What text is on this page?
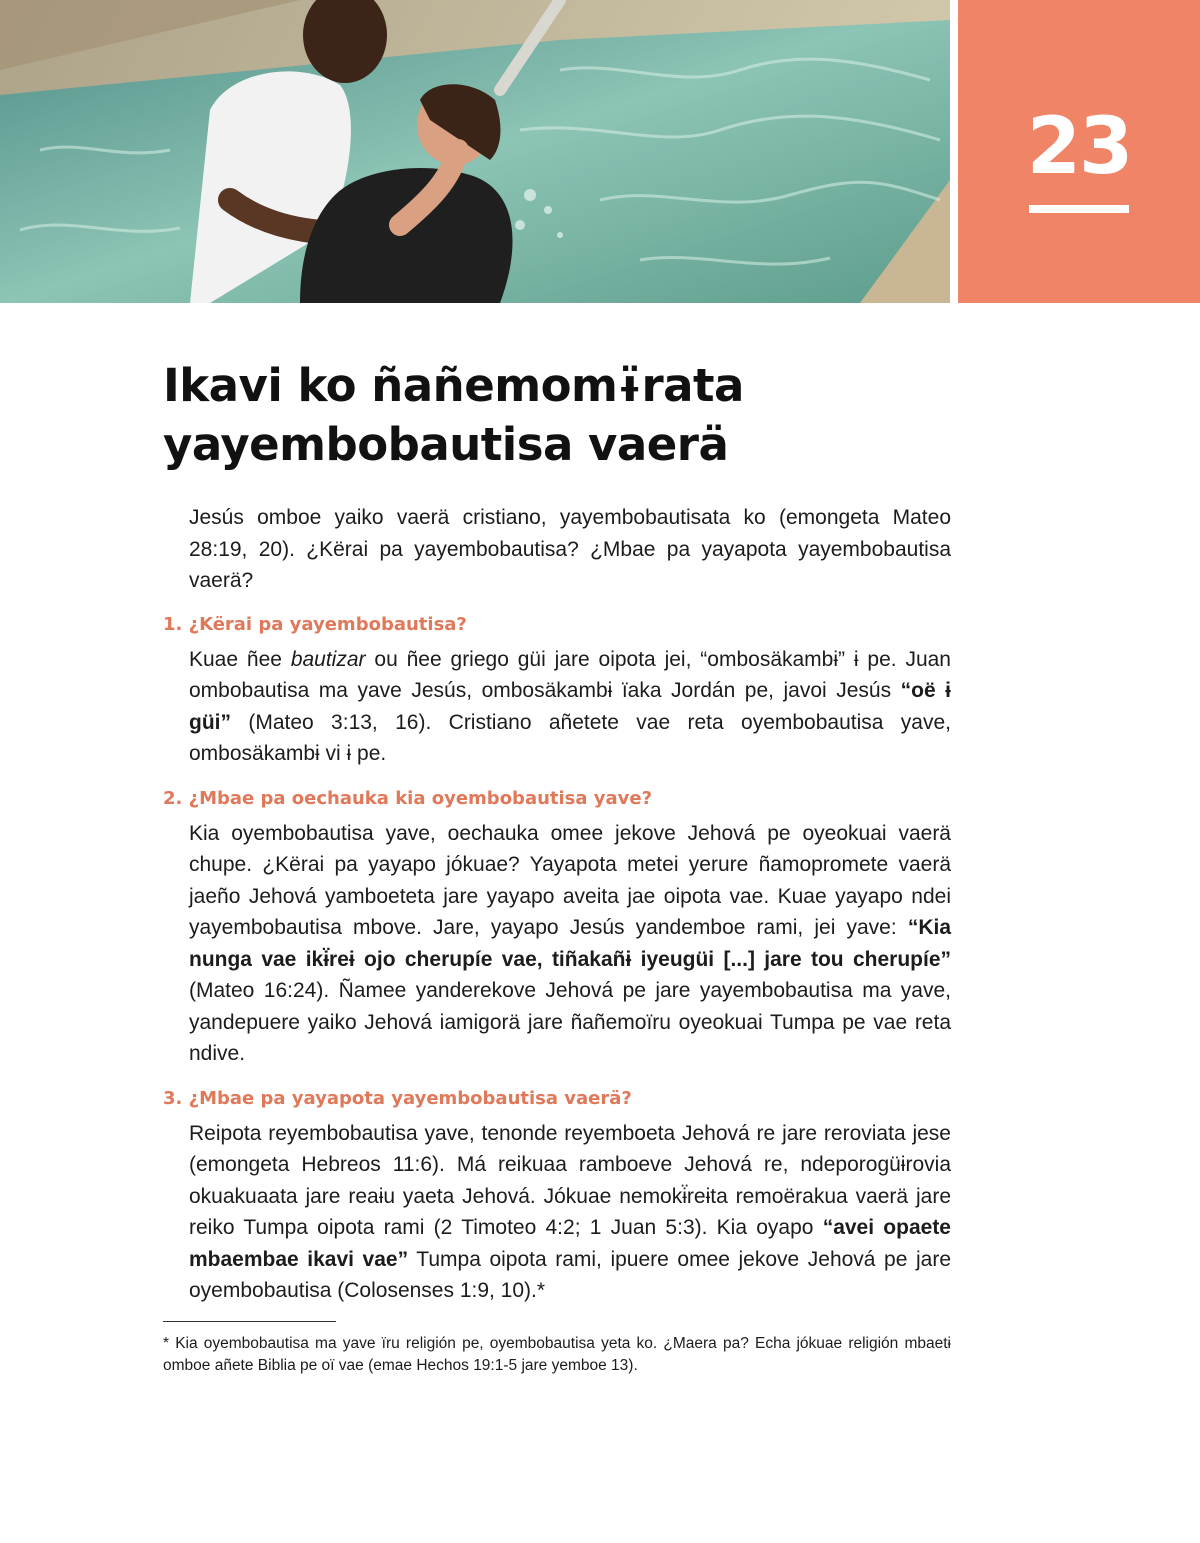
23
Ikavi ko ñañemomɨ̈rata
yayembobautisa vaerä

Jesús omboe yaiko vaerä cristiano, yayembobautisata ko (emongeta Mateo 28:19, 20). ¿Kërai pa yayembobautisa? ¿Mbae pa yayapota yayembobautisa vaerä?

1. ¿Kërai pa yayembobautisa?

Kuae ñee bautizar ou ñee griego güi jare oipota jei, “ombosäkambɨ” ɨ pe. Juan ombobautisa ma yave Jesús, ombosäkambɨ ïaka Jordán pe, javoi Jesús “oë ɨ güi” (Mateo 3:13, 16). Cristiano añetete vae reta oyembobautisa yave, ombosäkambɨ vi ɨ pe.

2. ¿Mbae pa oechauka kia oyembobautisa yave?

Kia oyembobautisa yave, oechauka omee jekove Jehová pe oyeokuai vaerä chupe. ¿Kërai pa yayapo jókuae? Yayapota metei yerure ñamopromete vaerä jaeño Jehová yamboeteta jare yayapo aveita jae oipota vae. Kuae yayapo ndei yayembobautisa mbove. Jare, yayapo Jesús yandemboe rami, jei yave: “Kia nunga vae ikɨ̈reɨ ojo cherupíe vae, tiñakañɨ iyeugüi [...] jare tou cherupíe” (Mateo 16:24). Ñamee yanderekove Jehová pe jare yayembobautisa ma yave, yandepuere yaiko Jehová iamigorä jare ñañemoïru oyeokuai Tumpa pe vae reta ndive.

3. ¿Mbae pa yayapota yayembobautisa vaerä?

Reipota reyembobautisa yave, tenonde reyemboeta Jehová re jare reroviata jese (emongeta Hebreos 11:6). Má reikuaa ramboeve Jehová re, ndeporogüɨrovia okuakuaata jare reaɨu yaeta Jehová. Jókuae nemokɨ̈reɨta remoërakua vaerä jare reiko Tumpa oipota rami (2 Timoteo 4:2; 1 Juan 5:3). Kia oyapo “avei opaete mbaembae ikavi vae” Tumpa oipota rami, ipuere omee jekove Jehová pe jare oyembobautisa (Colosenses 1:9, 10).*

* Kia oyembobautisa ma yave ïru religión pe, oyembobautisa yeta ko. ¿Maera pa? Echa jókuae religión mbaetɨ omboe añete Biblia pe oï vae (emae Hechos 19:1-5 jare yemboe 13).
